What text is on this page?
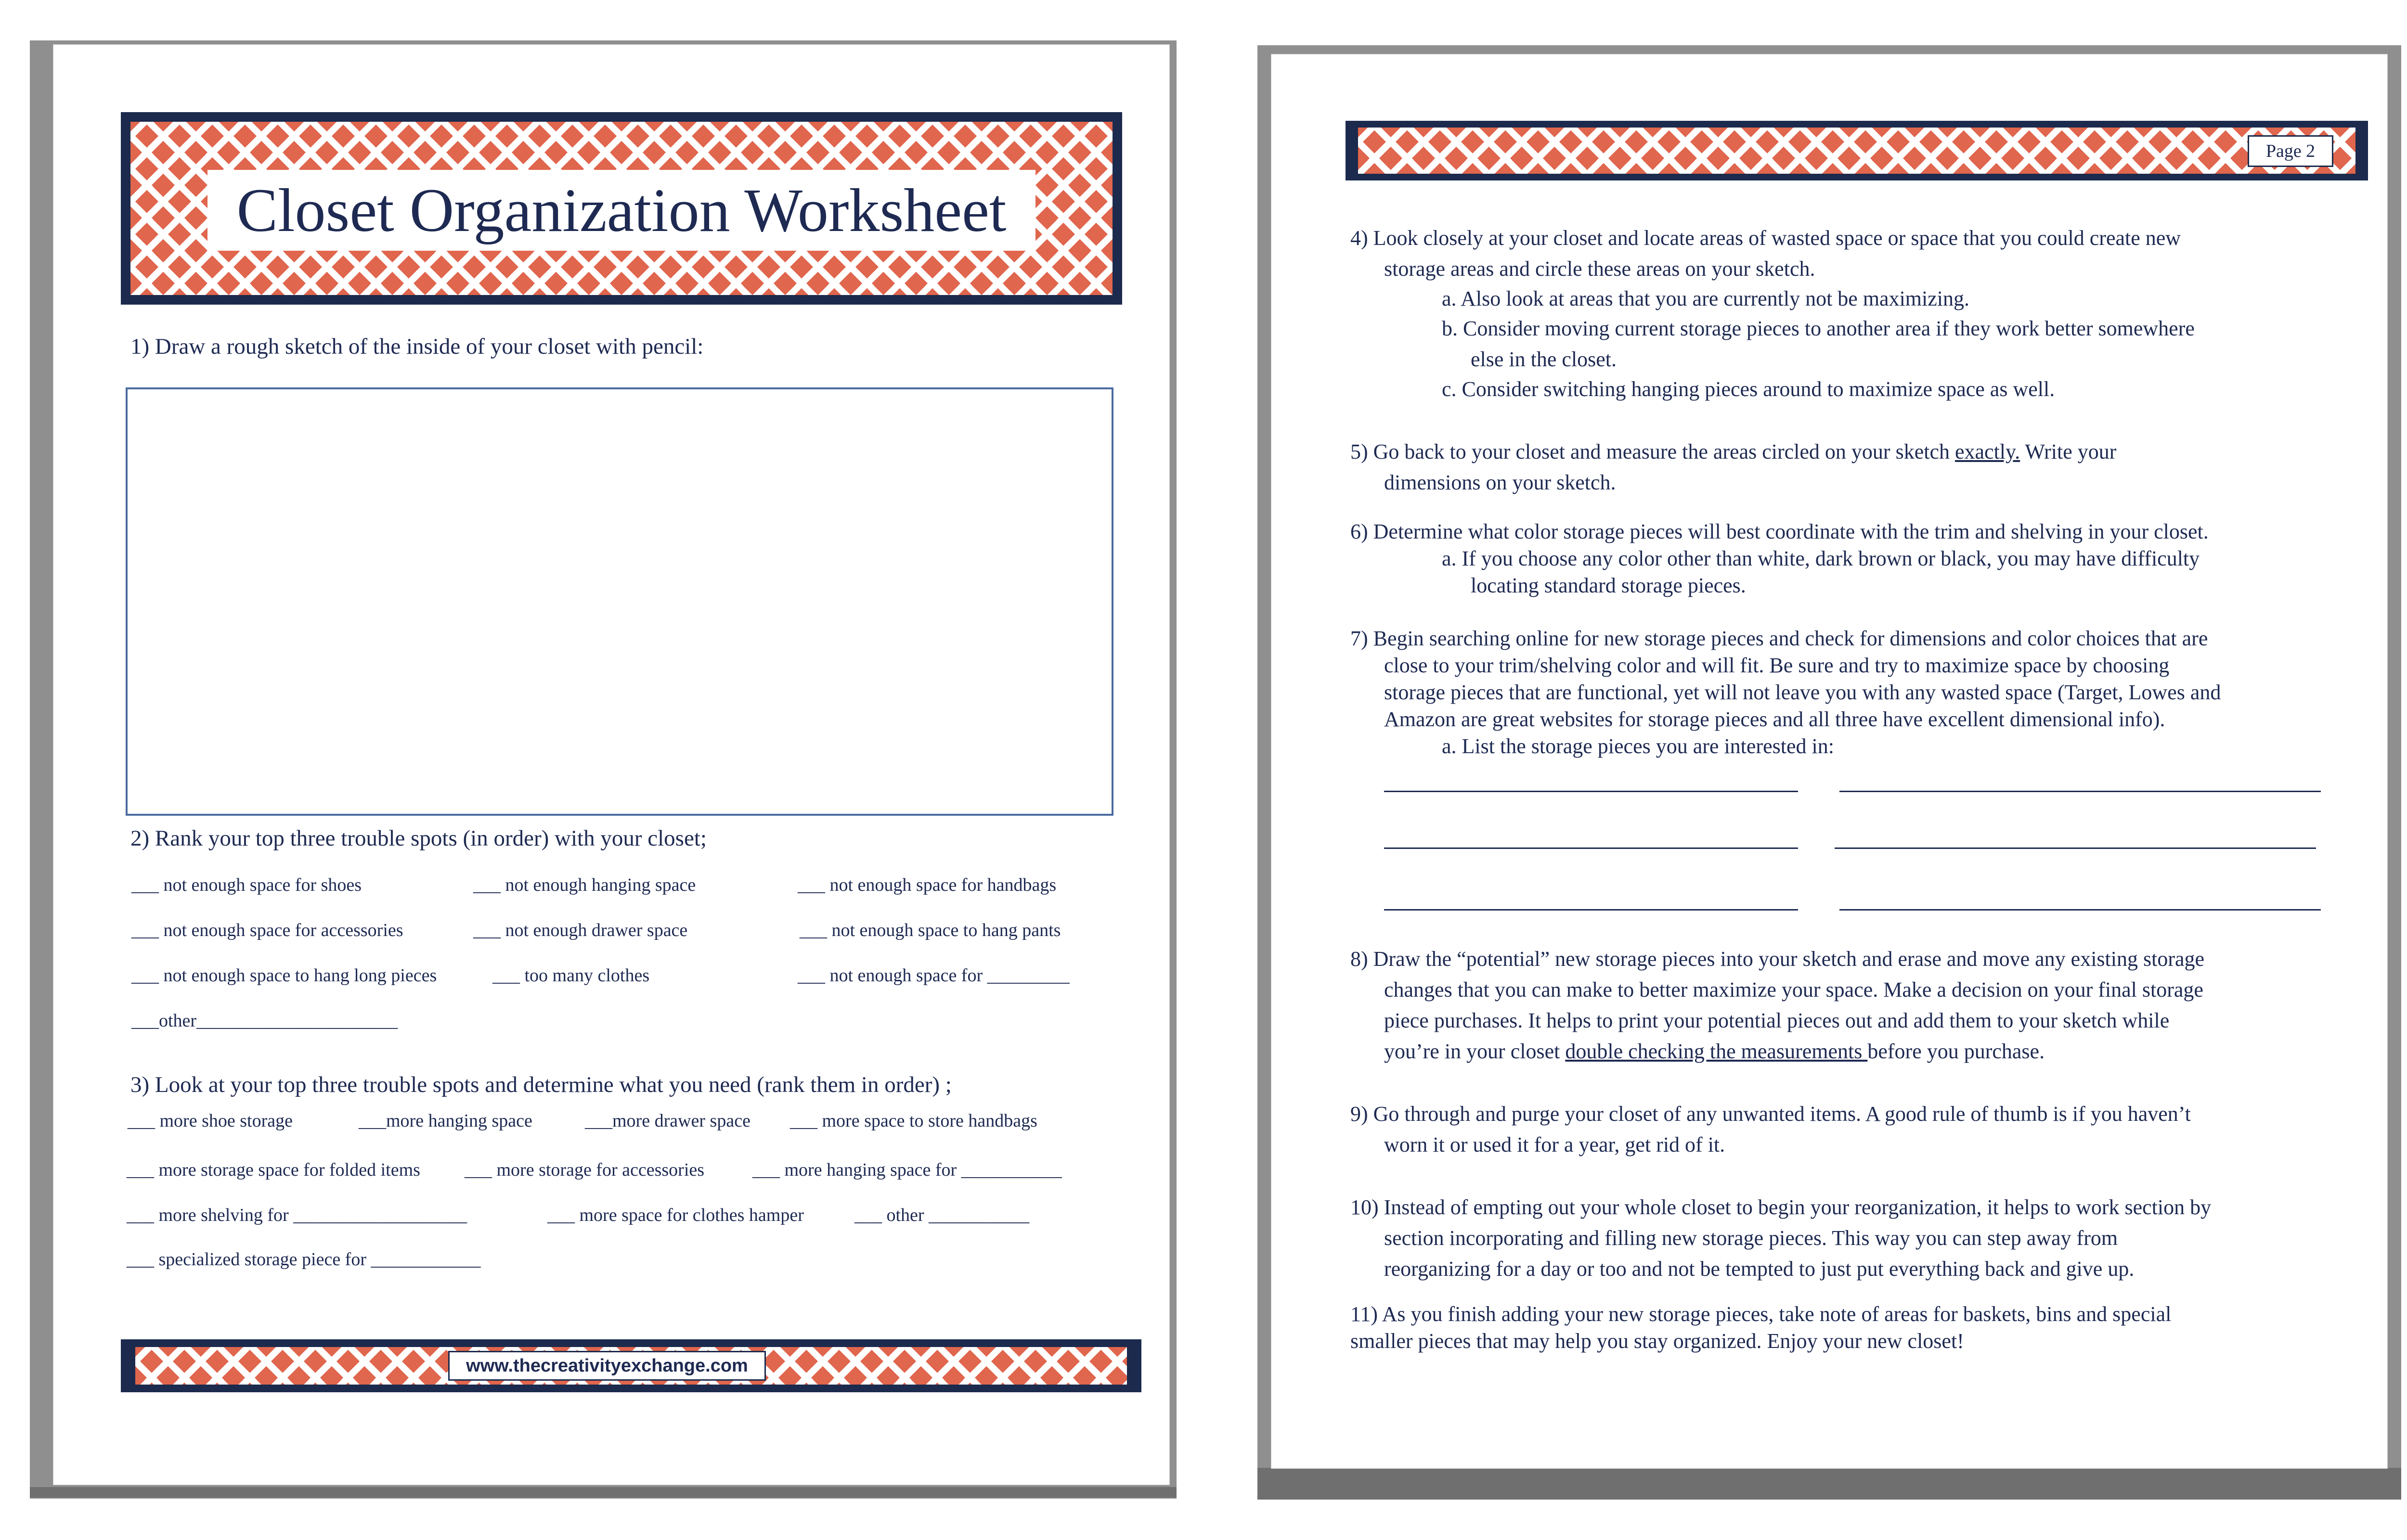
Closet Organization Worksheet
1) Draw a rough sketch of the inside of your closet with pencil:
2) Rank your top three trouble spots (in order) with your closet;
___ not enough space for shoes	___ not enough hanging space	___ not enough space for handbags
___ not enough space for accessories	___ not enough drawer space	___ not enough space to hang pants
___ not enough space to hang long pieces	___ too many clothes	___ not enough space for _________
___other______________________
3) Look at your top three trouble spots and determine what you need (rank them in order) ;
___ more shoe storage	___more hanging space	___more drawer space ___ more space to store handbags
___ more storage space for folded items ___ more storage for accessories	___ more hanging space for ___________
___ more shelving for ___________________	___ more space for clothes hamper	___ other ___________
___ specialized storage piece for ____________
www.thecreativityexchange.com
Page 2
4) Look closely at your closet and locate areas of wasted space or space that you could create new
storage areas and circle these areas on your sketch.
a. Also look at areas that you are currently not be maximizing.
b. Consider moving current storage pieces to another area if they work better somewhere
else in the closet.
c. Consider switching hanging pieces around to maximize space as well.
5) Go back to your closet and measure the areas circled on your sketch exactly. Write your
dimensions on your sketch.
6) Determine what color storage pieces will best coordinate with the trim and shelving in your closet.
a. If you choose any color other than white, dark brown or black, you may have difficulty
locating standard storage pieces.
7) Begin searching online for new storage pieces and check for dimensions and color choices that are
close to your trim/shelving color and will fit. Be sure and try to maximize space by choosing
storage pieces that are functional, yet will not leave you with any wasted space (Target, Lowes and
Amazon are great websites for storage pieces and all three have excellent dimensional info).
a. List the storage pieces you are interested in:
8) Draw the “potential” new storage pieces into your sketch and erase and move any existing storage
changes that you can make to better maximize your space. Make a decision on your final storage
piece purchases. It helps to print your potential pieces out and add them to your sketch while
you’re in your closet double checking the measurements before you purchase.
9) Go through and purge your closet of any unwanted items. A good rule of thumb is if you haven’t
worn it or used it for a year, get rid of it.
10) Instead of empting out your whole closet to begin your reorganization, it helps to work section by
section incorporating and filling new storage pieces. This way you can step away from
reorganizing for a day or too and not be tempted to just put everything back and give up.
11) As you finish adding your new storage pieces, take note of areas for baskets, bins and special
smaller pieces that may help you stay organized. Enjoy your new closet!
